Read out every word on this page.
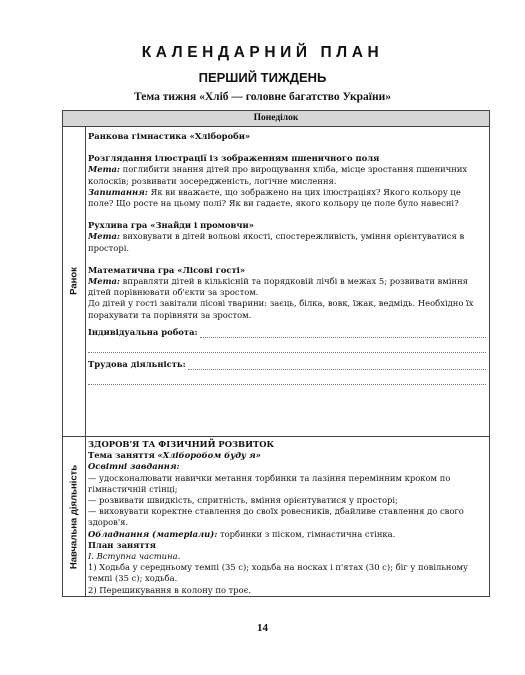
КАЛЕНДАРНИЙ ПЛАН
ПЕРШИЙ ТИЖДЕНЬ
Тема тижня «Хліб — головне багатство України»
Понеділок
Ранок

Ранкова гімнастика «Хлібороби»

Розглядання ілюстрації із зображенням пшеничного поля

Мета: поглибити знання дітей про вирощування хліба, місце зростання пшеничних колосків; розвивати зосередженість, логічне мислення.

Запитання: Як ви вважаєте, що зображено на цих ілюстраціях? Якого кольору це поле? Що росте на цьому полі? Як ви гадаєте, якого кольору це поле було навесні?

Рухлива гра «Знайди і промовчи»

Мета: виховувати в дітей вольові якості, спостережливість, уміння орієнтуватися в просторі.

Математична гра «Лісові гості»

Мета: вправляти дітей в кількісній та порядковій лічбі в межах 5; розвивати вміння дітей порівнювати об'єкти за зростом.

До дітей у гості завітали лісові тварини: заєць, білка, вовк, їжак, ведмідь. Необхідно їх порахувати та порівняти за зростом.

Індивідуальна робота:
Трудова діяльність:
Навчальна діяльність

ЗДОРОВ'Я ТА ФІЗИЧНИЙ РОЗВИТОК

Тема заняття «Хліборобом буду я»

Освітні завдання:

— удосконалювати навички метання торбинки та лазіння перемінним кроком по гімнастичній стінці;

— розвивати швидкість, спритність, вміння орієнтуватися у просторі;

— виховувати коректне ставлення до своїх ровесників, дбайливе ставлення до свого здоров'я.

Обладнання (матеріали): торбинки з піском, гімнастична стінка.

План заняття

І. Вступна частина.

1) Ходьба у середньому темпі (35 с); ходьба на носках і п'ятах (30 с); біг у повільному темпі (35 с); ходьба.

2) Перешикування в колону по троє.

14
